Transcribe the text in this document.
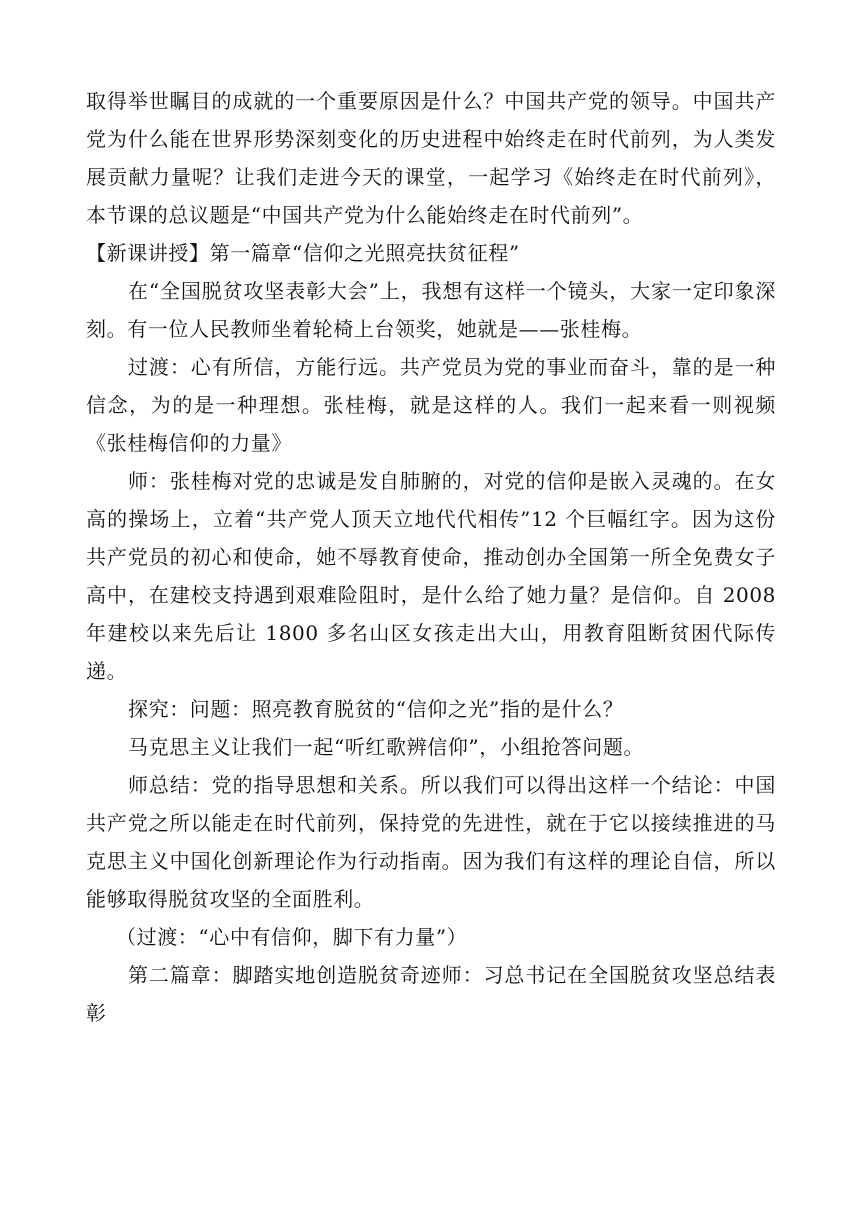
取得举世瞩目的成就的一个重要原因是什么？中国共产党的领导。中国共产党为什么能在世界形势深刻变化的历史进程中始终走在时代前列，为人类发展贡献力量呢？让我们走进今天的课堂，一起学习《始终走在时代前列》，本节课的总议题是“中国共产党为什么能始终走在时代前列”。

【新课讲授】第一篇章“信仰之光照亮扶贫征程”

在“全国脱贫攻坚表彰大会”上，我想有这样一个镜头，大家一定印象深刻。有一位人民教师坐着轮椅上台领奖，她就是——张桂梅。

过渡：心有所信，方能行远。共产党员为党的事业而奋斗，靠的是一种信念，为的是一种理想。张桂梅，就是这样的人。我们一起来看一则视频《张桂梅信仰的力量》

师：张桂梅对党的忠诚是发自肺腑的，对党的信仰是嵌入灵魂的。在女高的操场上，立着“共产党人顶天立地代代相传”12 个巨幅红字。因为这份共产党员的初心和使命，她不辱教育使命，推动创办全国第一所全免费女子高中，在建校支持遇到艰难险阻时，是什么给了她力量？是信仰。自 2008 年建校以来先后让 1800 多名山区女孩走出大山，用教育阻断贫困代际传递。

探究：问题：照亮教育脱贫的“信仰之光”指的是什么？

马克思主义让我们一起“听红歌辨信仰”，小组抢答问题。

师总结：党的指导思想和关系。所以我们可以得出这样一个结论：中国共产党之所以能走在时代前列，保持党的先进性，就在于它以接续推进的马克思主义中国化创新理论作为行动指南。因为我们有这样的理论自信，所以能够取得脱贫攻坚的全面胜利。

（过渡：“心中有信仰，脚下有力量”）

第二篇章：脚踏实地创造脱贫奇迹师：习总书记在全国脱贫攻坚总结表彰
